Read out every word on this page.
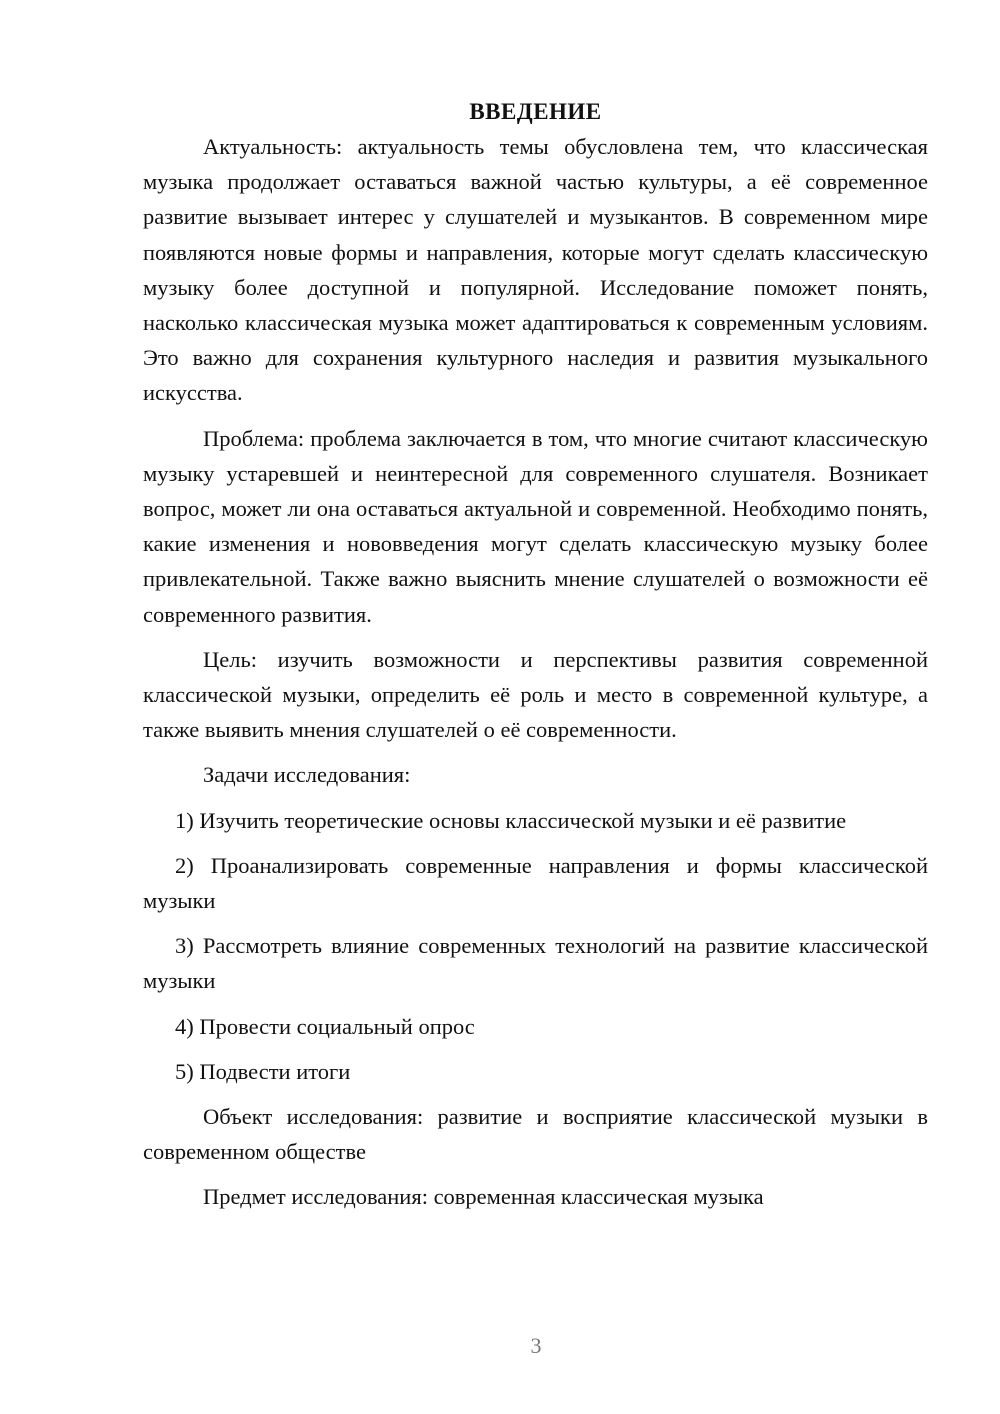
ВВЕДЕНИЕ

Актуальность: актуальность темы обусловлена тем, что классическая музыка продолжает оставаться важной частью культуры, а её современное развитие вызывает интерес у слушателей и музыкантов. В современном мире появляются новые формы и направления, которые могут сделать классическую музыку более доступной и популярной. Исследование поможет понять, насколько классическая музыка может адаптироваться к современным условиям. Это важно для сохранения культурного наследия и развития музыкального искусства.

Проблема: проблема заключается в том, что многие считают классическую музыку устаревшей и неинтересной для современного слушателя. Возникает вопрос, может ли она оставаться актуальной и современной. Необходимо понять, какие изменения и нововведения могут сделать классическую музыку более привлекательной. Также важно выяснить мнение слушателей о возможности её современного развития.

Цель: изучить возможности и перспективы развития современной классической музыки, определить её роль и место в современной культуре, а также выявить мнения слушателей о её современности.

Задачи исследования:

1) Изучить теоретические основы классической музыки и её развитие

2) Проанализировать современные направления и формы классической музыки

3) Рассмотреть влияние современных технологий на развитие классической музыки

4) Провести социальный опрос

5) Подвести итоги

Объект исследования: развитие и восприятие классической музыки в современном обществе

Предмет исследования: современная классическая музыка

3
